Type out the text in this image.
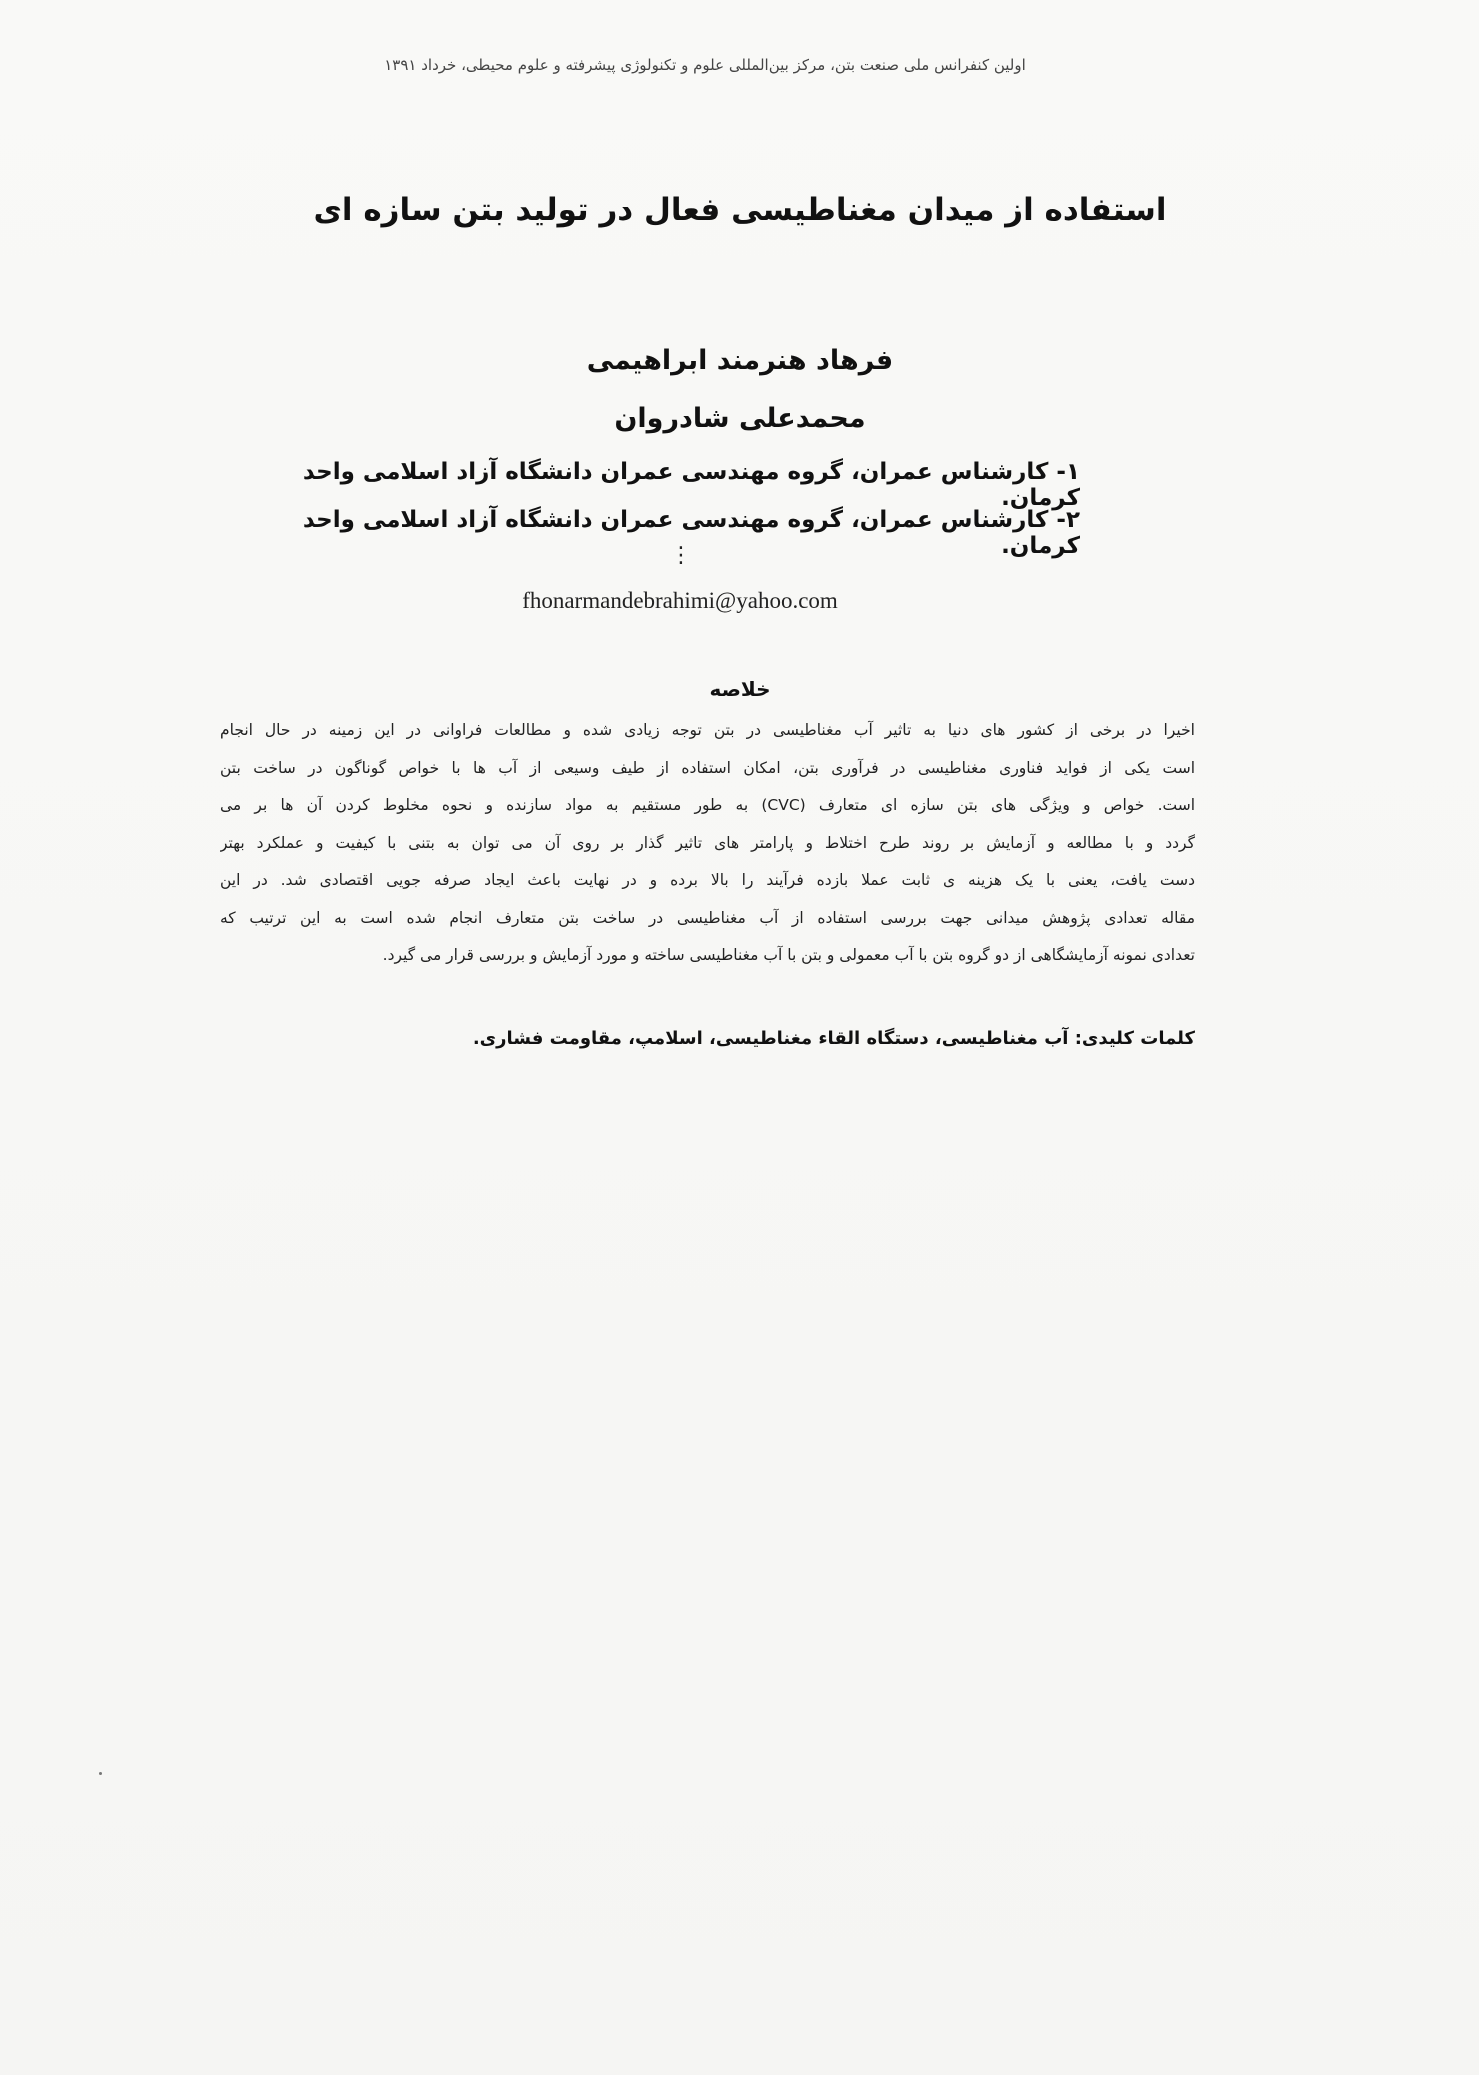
اولین کنفرانس ملی صنعت بتن، مرکز بین‌المللی علوم و تکنولوژی پیشرفته و علوم محیطی، خرداد ۱۳۹۱
استفاده از میدان مغناطیسی فعال در تولید بتن سازه ای
فرهاد هنرمند ابراهیمی
محمدعلی شادروان
۱- کارشناس عمران، گروه مهندسی عمران دانشگاه آزاد اسلامی واحد کرمان.
۲- کارشناس عمران، گروه مهندسی عمران دانشگاه آزاد اسلامی واحد کرمان.
⋮
fhonarmandebrahimi@yahoo.com
خلاصه
اخیرا در برخی از کشور های دنیا به تاثیر آب مغناطیسی در بتن توجه زیادی شده و مطالعات فراوانی در این زمینه در حال انجام
است یکی از فواید فناوری مغناطیسی در فرآوری بتن، امکان استفاده از طیف وسیعی از آب ها با خواص گوناگون در ساخت بتن
است. خواص و ویژگی های بتن سازه ای متعارف (CVC) به طور مستقیم به مواد سازنده و نحوه مخلوط کردن آن ها بر می
گردد و با مطالعه و آزمایش بر روند طرح اختلاط و پارامتر های تاثیر گذار بر روی آن می توان به بتنی با کیفیت و عملکرد بهتر
دست یافت، یعنی با یک هزینه ی ثابت عملا بازده فرآیند را بالا برده و در نهایت باعث ایجاد صرفه جویی اقتصادی شد. در این
مقاله تعدادی پژوهش میدانی جهت بررسی استفاده از آب مغناطیسی در ساخت بتن متعارف انجام شده است به این ترتیب که
تعدادی نمونه آزمایشگاهی از دو گروه بتن با آب معمولی و بتن با آب مغناطیسی ساخته و مورد آزمایش و بررسی قرار می گیرد.
کلمات کلیدی: آب مغناطیسی، دستگاه القاء مغناطیسی، اسلامپ، مقاومت فشاری.
